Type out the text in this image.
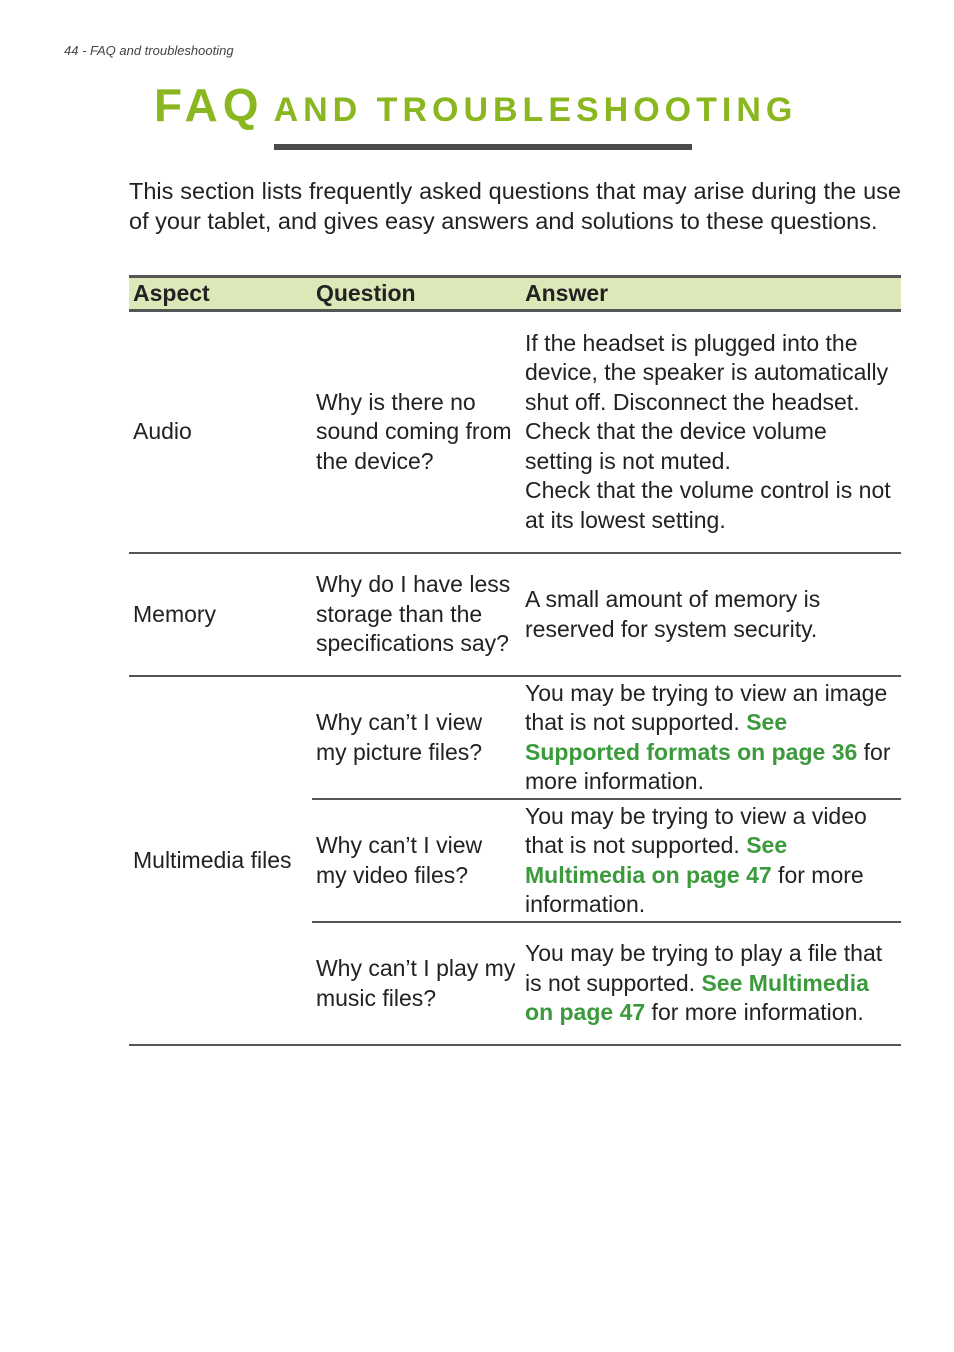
44 - FAQ and troubleshooting
FAQ AND TROUBLESHOOTING

This section lists frequently asked questions that may arise during the use of your tablet, and gives easy answers and solutions to these questions.

Aspect	Question	Answer
Audio	Why is there no sound coming from the device?	If the headset is plugged into the device, the speaker is automatically shut off. Disconnect the headset.
Check that the device volume setting is not muted.
Check that the volume control is not at its lowest setting.

Memory	Why do I have less storage than the specifications say?	A small amount of memory is reserved for system security.
Multimedia files	Why can’t I view my picture files?	You may be trying to view an image that is not supported. See Supported formats on page 36 for more information.
	Why can’t I view my video files?	You may be trying to view a video that is not supported. See Multimedia on page 47 for more information.
	Why can’t I play my music files?	You may be trying to play a file that is not supported. See Multimedia on page 47 for more information.
